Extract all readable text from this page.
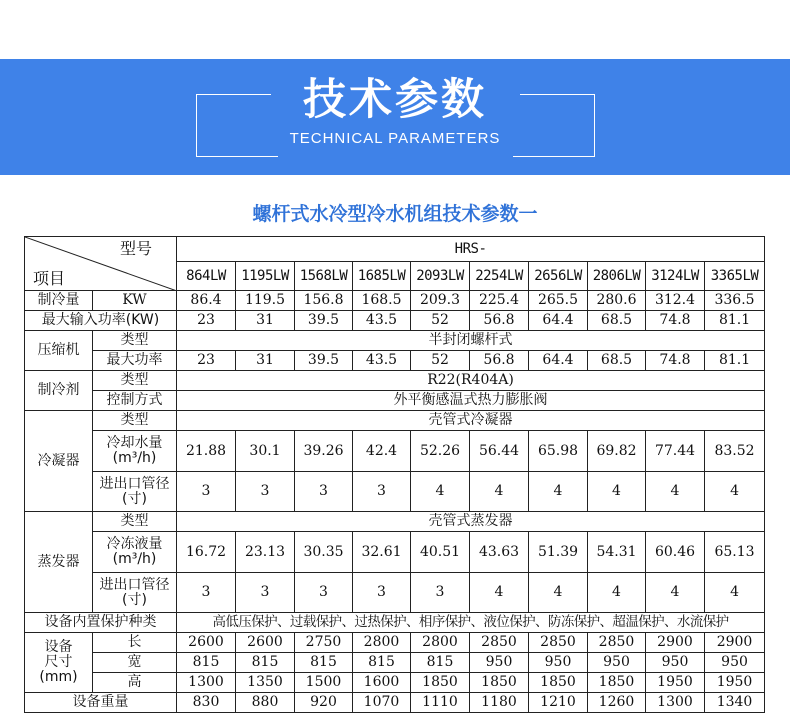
技术参数
TECHNICAL PARAMETERS
螺杆式水冷型冷水机组技术参数一
型号
项目		HRS-									
		864LW	1195LW	1568LW	1685LW	2093LW	2254LW	2656LW	2806LW	3124LW	3365LW
制冷量	KW	86.4	119.5	156.8	168.5	209.3	225.4	265.5	280.6	312.4	336.5
最大输入功率(KW)		23	31	39.5	43.5	52	56.8	64.4	68.5	74.8	81.1
压缩机	类型	半封闭螺杆式									
	最大功率	23	31	39.5	43.5	52	56.8	64.4	68.5	74.8	81.1
制冷剂	类型	R22(R404A)									
	控制方式	外平衡感温式热力膨胀阀									
冷凝器	类型	壳管式冷凝器									
	冷却水量
(m³/h)	21.88	30.1	39.26	42.4	52.26	56.44	65.98	69.82	77.44	83.52
	进出口管径
(寸)	3	3	3	3	4	4	4	4	4	4
蒸发器	类型	壳管式蒸发器									
	冷冻液量
(m³/h)	16.72	23.13	30.35	32.61	40.51	43.63	51.39	54.31	60.46	65.13
	进出口管径
(寸)	3	3	3	3	3	4	4	4	4	4
设备内置保护种类		高低压保护、过载保护、过热保护、相序保护、液位保护、防冻保护、超温保护、水流保护									
设备
尺寸
(mm)	长	2600	2600	2750	2800	2800	2850	2850	2850	2900	2900
	宽	815	815	815	815	815	950	950	950	950	950
	高	1300	1350	1500	1600	1850	1850	1850	1850	1950	1950
设备重量		830	880	920	1070	1110	1180	1210	1260	1300	1340
